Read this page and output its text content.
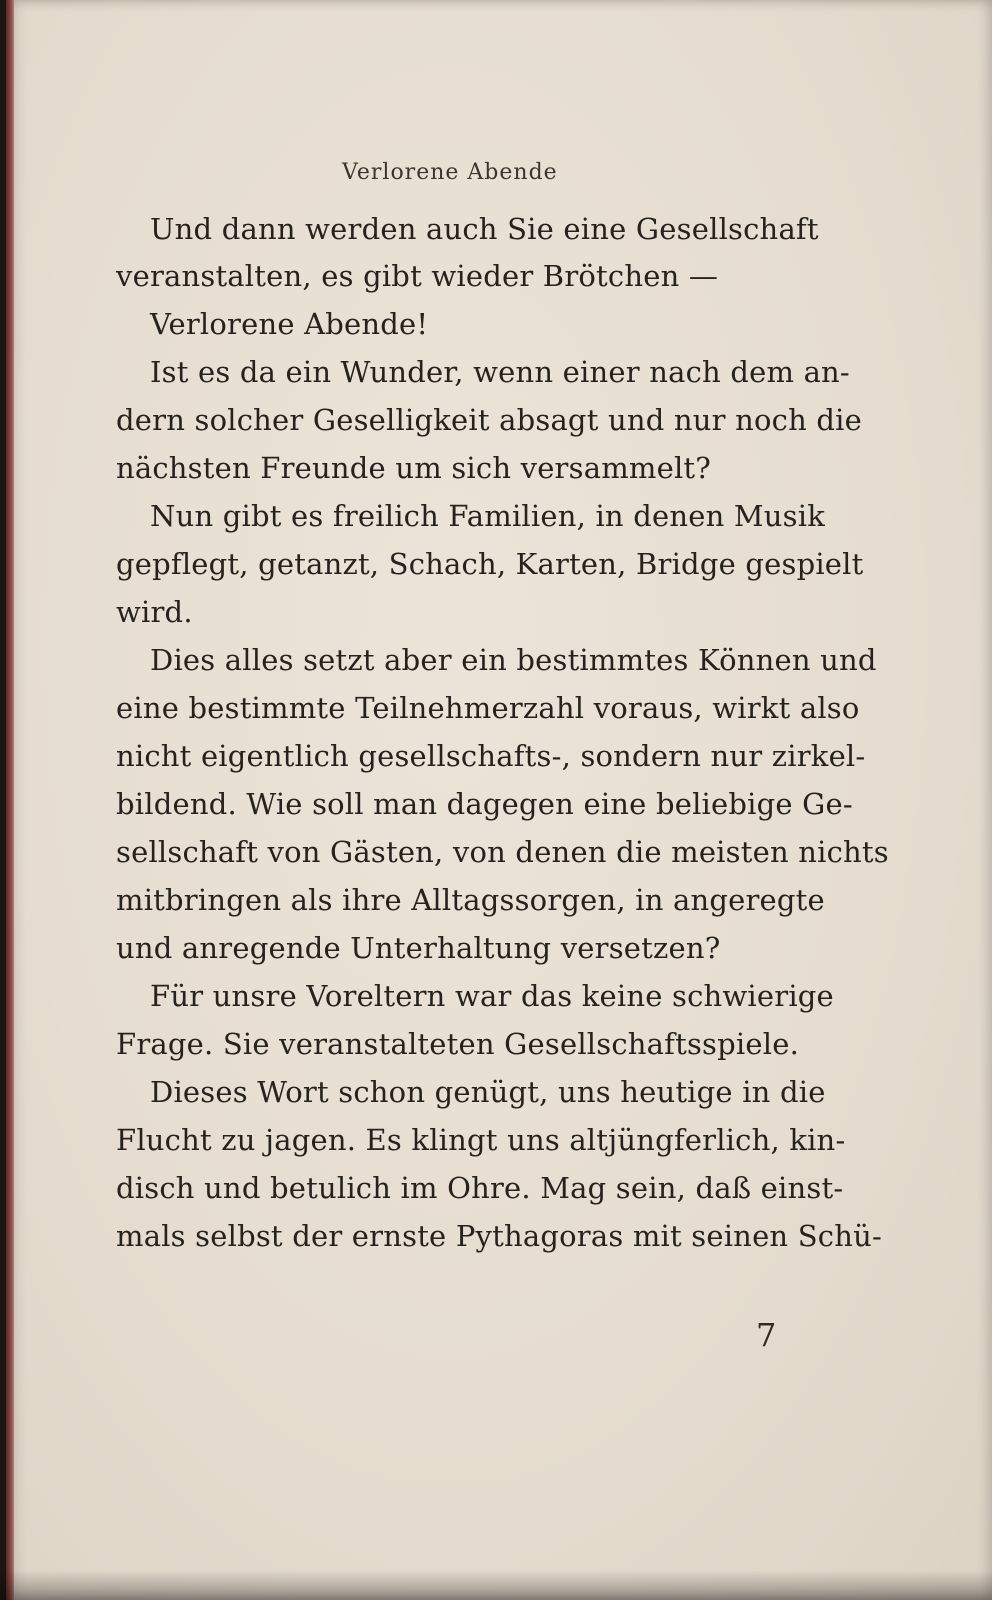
Verlorene Abende
Und dann werden auch Sie eine Gesellschaft
veranstalten, es gibt wieder Brötchen —
Verlorene Abende!
Ist es da ein Wunder, wenn einer nach dem an-
dern solcher Geselligkeit absagt und nur noch die
nächsten Freunde um sich versammelt?
Nun gibt es freilich Familien, in denen Musik
gepflegt, getanzt, Schach, Karten, Bridge gespielt
wird.
Dies alles setzt aber ein bestimmtes Können und
eine bestimmte Teilnehmerzahl voraus, wirkt also
nicht eigentlich gesellschafts-, sondern nur zirkel-
bildend. Wie soll man dagegen eine beliebige Ge-
sellschaft von Gästen, von denen die meisten nichts
mitbringen als ihre Alltagssorgen, in angeregte
und anregende Unterhaltung versetzen?
Für unsre Voreltern war das keine schwierige
Frage. Sie veranstalteten Gesellschaftsspiele.
Dieses Wort schon genügt, uns heutige in die
Flucht zu jagen. Es klingt uns altjüngferlich, kin-
disch und betulich im Ohre. Mag sein, daß einst-
mals selbst der ernste Pythagoras mit seinen Schü-
7
